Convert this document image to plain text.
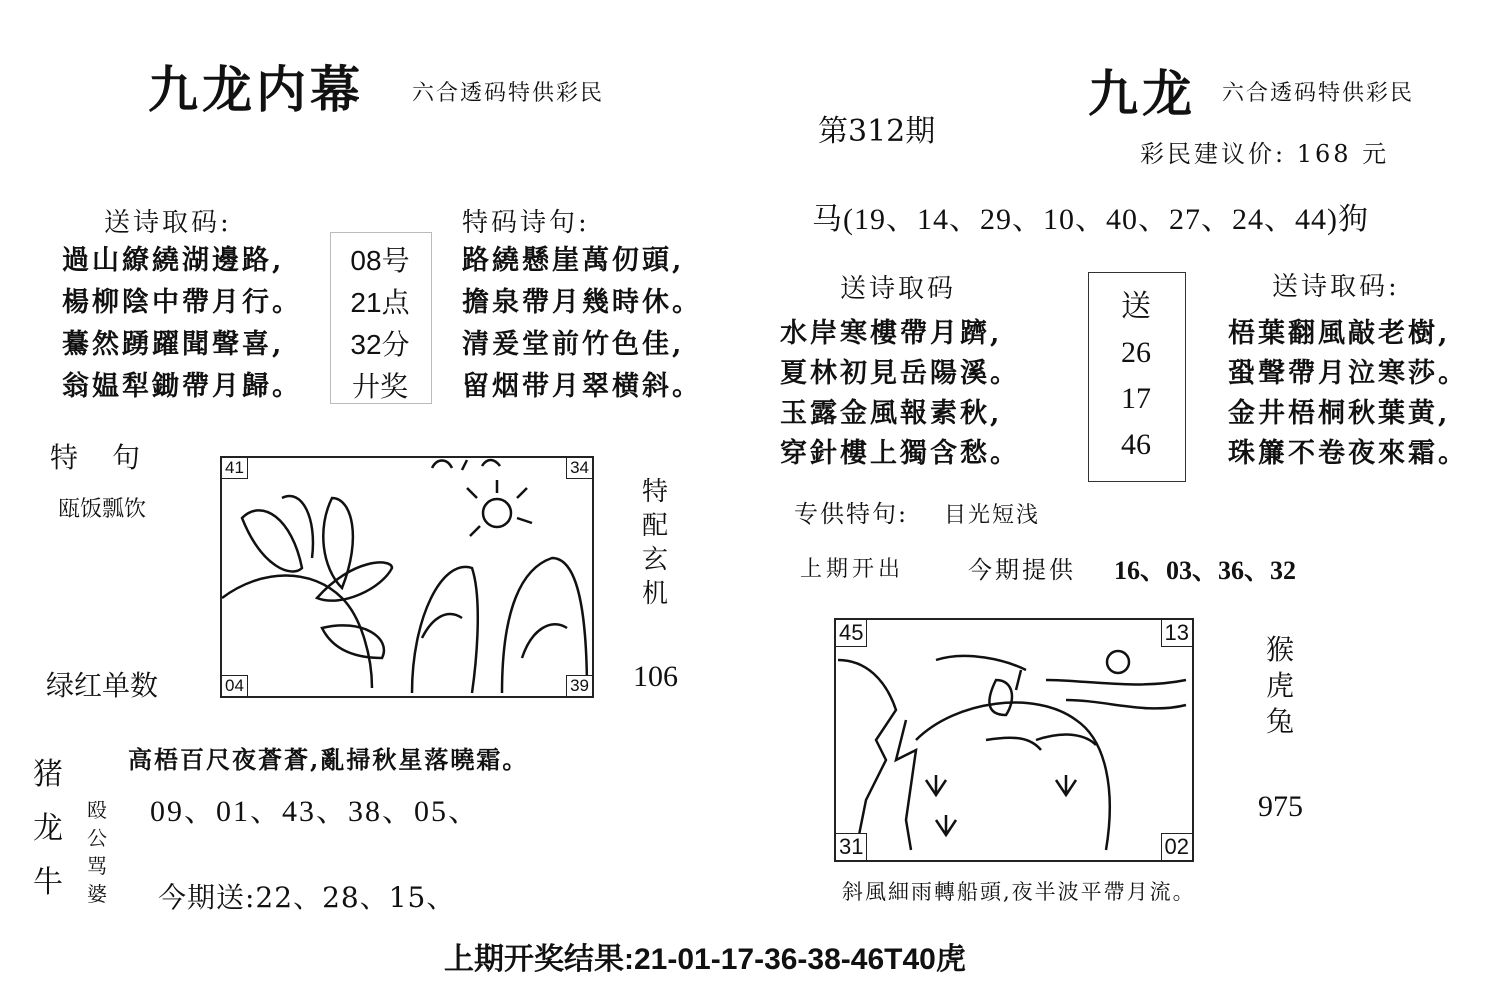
九龙内幕 六合透码特供彩民
送诗取码:
過山繚繞湖邊路,
楊柳陰中帶月行。
驀然踴躍聞聲喜,
翁媪犁鋤帶月歸。
08号
21点
32分
廾奖
特码诗句:
路繞懸崖萬仞頭,
擔泉帶月幾時休。
清爰堂前竹色佳,
留烟带月翠横斜。
特　句
瓯饭瓢饮
41	34
04	39
特配玄机
绿红单数	106
高梧百尺夜蒼蒼,亂掃秋星落曉霜。
猪
龙
牛
殴
公
骂
婆
09、01、43、38、05、
今期送:22、28、15、
九龙 六合透码特供彩民
第312期
彩民建议价: 168 元
马(19、14、29、10、40、27、24、44)狗
送诗取码
水岸寒樓帶月躋,
夏林初見岳陽溪。
玉露金風報素秋,
穿針樓上獨含愁。
送
26
17
46
送诗取码:
梧葉翻風敲老樹,
蛩聲帶月泣寒莎。
金井梧桐秋葉黄,
珠簾不卷夜來霜。
专供特句: 目光短浅
上期开出	今期提供 16、03、36、32
45	13
31	02
猴
虎
兔
975
斜風細雨轉船頭,夜半波平帶月流。
上期开奖结果:21-01-17-36-38-46T40虎
